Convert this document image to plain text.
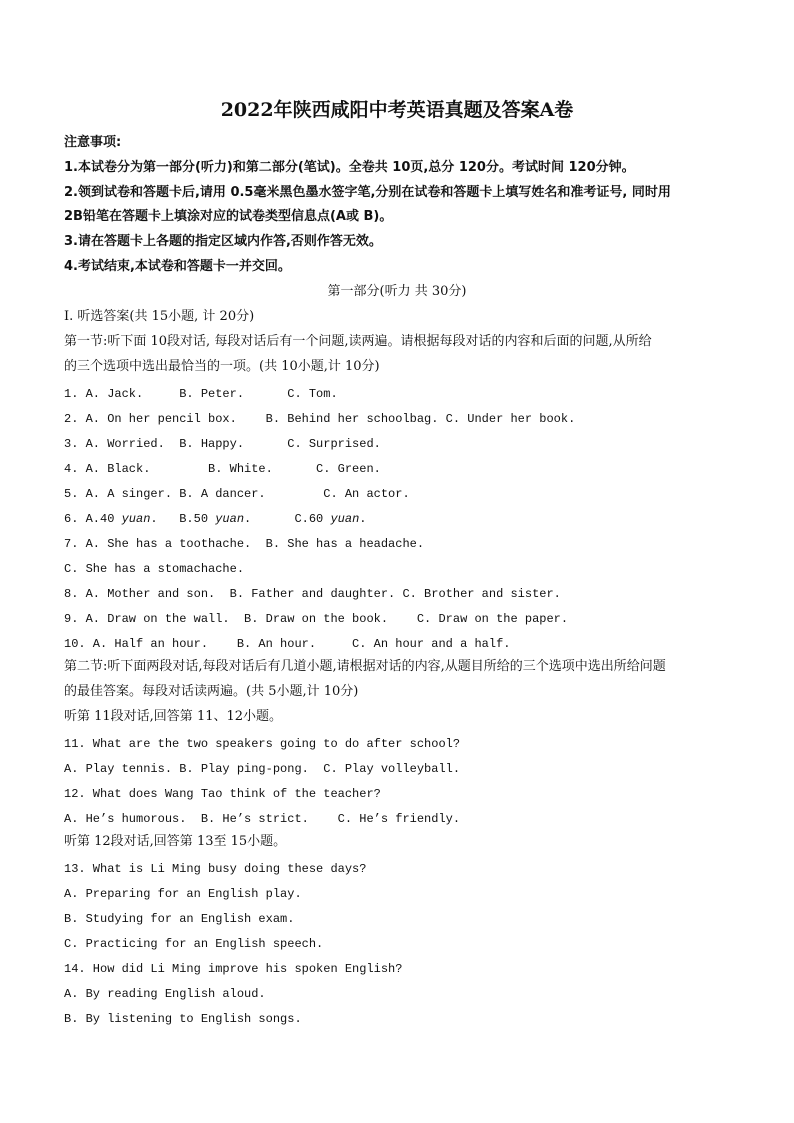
2022年陕西咸阳中考英语真题及答案A卷
注意事项:
1.本试卷分为第一部分(听力)和第二部分(笔试)。全卷共 10页,总分 120分。考试时间 120分钟。
2.领到试卷和答题卡后,请用 0.5毫米黑色墨水签字笔,分别在试卷和答题卡上填写姓名和准考证号, 同时用
2B铅笔在答题卡上填涂对应的试卷类型信息点(A或 B)。
3.请在答题卡上各题的指定区域内作答,否则作答无效。
4.考试结束,本试卷和答题卡一并交回。
第一部分(听力 共 30分)
I. 听选答案(共 15小题, 计 20分)
第一节:听下面 10段对话, 每段对话后有一个问题,读两遍。请根据每段对话的内容和后面的问题,从所给
的三个选项中选出最恰当的一项。(共 10小题,计 10分)
1. A. Jack.     B. Peter.      C. Tom.
2. A. On her pencil box.    B. Behind her schoolbag. C. Under her book.
3. A. Worried.  B. Happy.      C. Surprised.
4. A. Black.        B. White.      C. Green.
5. A. A singer. B. A dancer.        C. An actor.
6. A.40 yuan.   B.50 yuan.      C.60 yuan.
7. A. She has a toothache.  B. She has a headache.
C. She has a stomachache.
8. A. Mother and son.  B. Father and daughter. C. Brother and sister.
9. A. Draw on the wall.  B. Draw on the book.    C. Draw on the paper.
10. A. Half an hour.    B. An hour.     C. An hour and a half.
第二节:听下面两段对话,每段对话后有几道小题,请根据对话的内容,从题目所给的三个选项中选出所给问题
的最佳答案。每段对话读两遍。(共 5小题,计 10分)
听第 11段对话,回答第 11、12小题。
11. What are the two speakers going to do after school?
A. Play tennis. B. Play ping-pong.  C. Play volleyball.
12. What does Wang Tao think of the teacher?
A. He’s humorous.  B. He’s strict.    C. He’s friendly.
听第 12段对话,回答第 13至 15小题。
13. What is Li Ming busy doing these days?
A. Preparing for an English play.
B. Studying for an English exam.
C. Practicing for an English speech.
14. How did Li Ming improve his spoken English?
A. By reading English aloud.
B. By listening to English songs.
